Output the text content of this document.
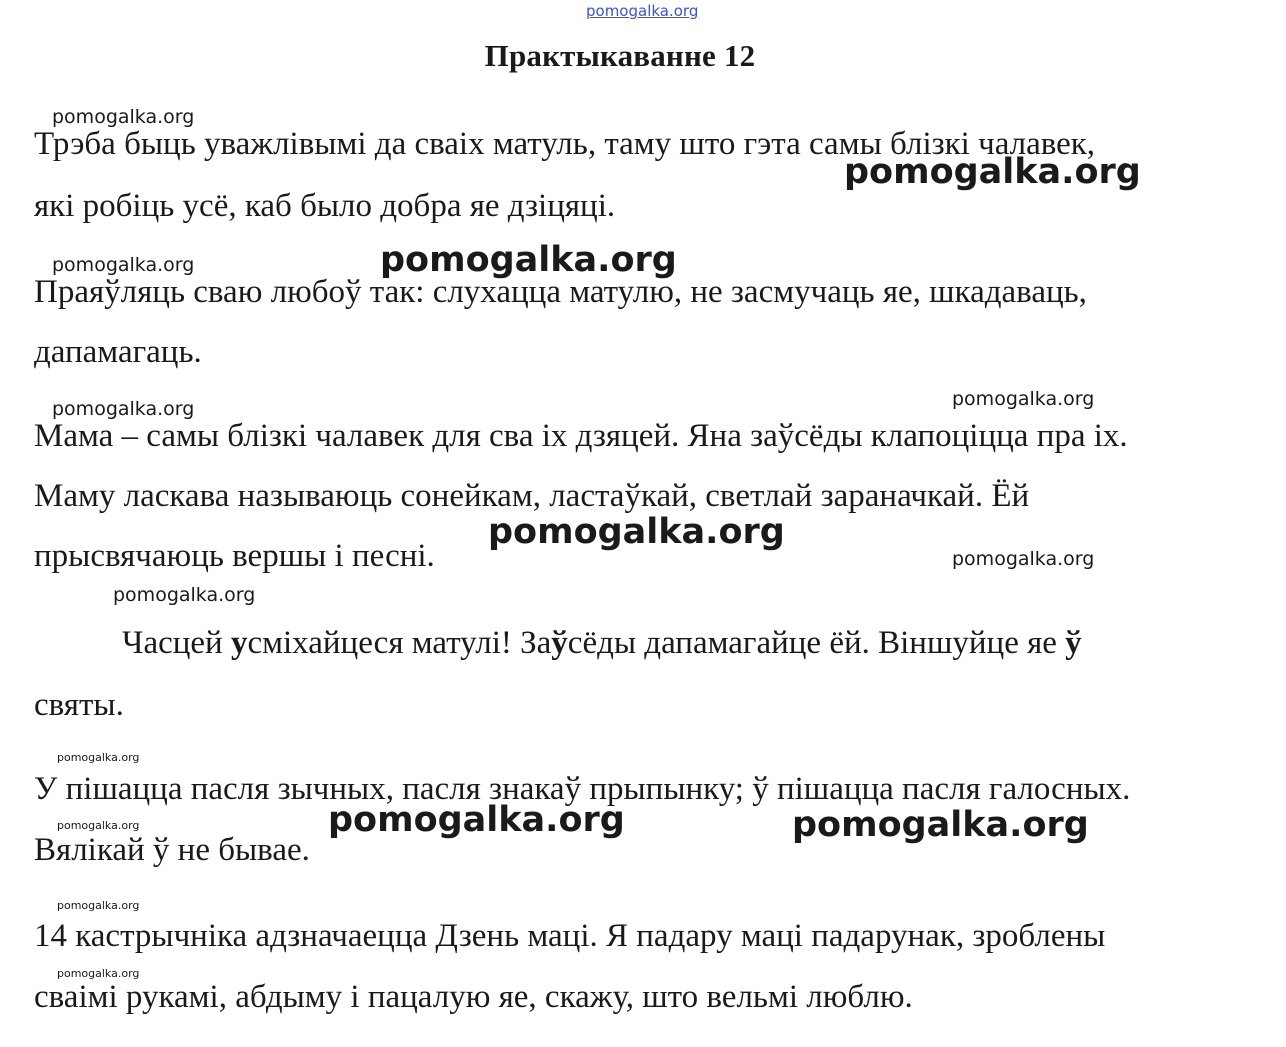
pomogalka.org
Практыкаванне 12
Трэба быць уважлівымі да сваіх матуль, таму што гэта самы блізкі чалавек,
які робіць усё, каб было добра яе дзіцяці.
Праяўляць сваю любоў так: слухацца матулю, не засмучаць яе, шкадаваць,
дапамагаць.
Мама – самы блізкі чалавек для сва іх дзяцей. Яна заўсёды клапоціцца пра іх.
Маму ласкава называюць сонейкам, ластаўкай, светлай зараначкай. Ёй
прысвячаюць вершы і песні.
Часцей усміхайцеся матулі! Заўсёды дапамагайце ёй. Віншуйце яе ў
святы.
У пішацца пасля зычных, пасля знакаў прыпынку; ў пішацца пасля галосных.
Вялікай ў не бывае.
14 кастрычніка адзначаецца Дзень маці. Я падару маці падарунак, зроблены
сваімі рукамі, абдыму і пацалую яе, скажу, што вельмі люблю.
pomogalka.org
pomogalka.org
pomogalka.org	pomogalka.org
pomogalka.org	pomogalka.org
pomogalka.org
pomogalka.org
pomogalka.org
pomogalka.org
pomogalka.org	pomogalka.org	pomogalka.org
pomogalka.org
pomogalka.org
